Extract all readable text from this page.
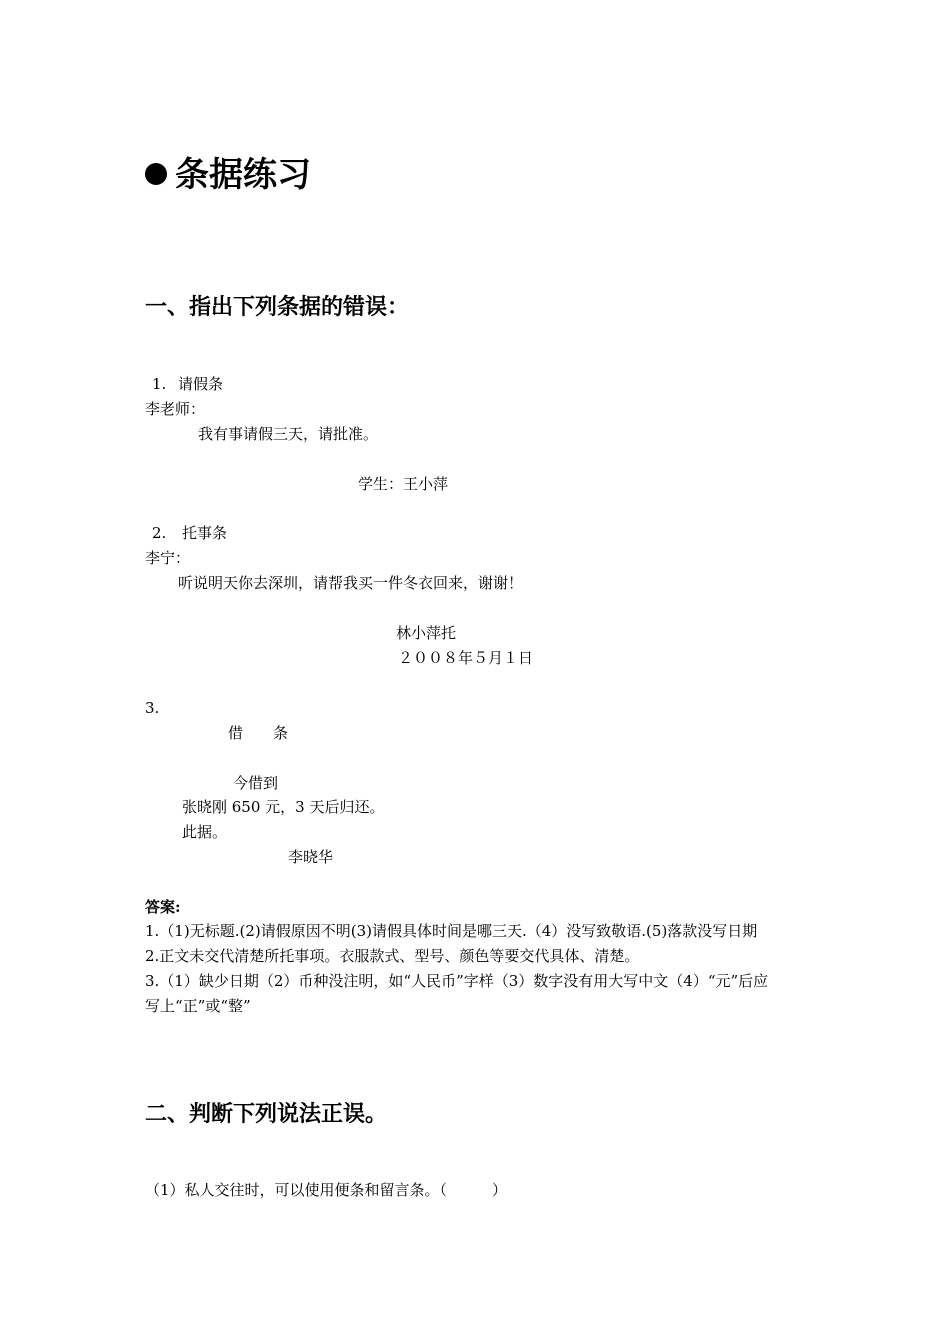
条据练习
一、指出下列条据的错误：
1. 请假条
李老师：
我有事请假三天，请批准。
学生：王小萍
2. 托事条
李宁：
听说明天你去深圳，请帮我买一件冬衣回来，谢谢！
林小萍托
２００８年５月１日
3.
借　　条
今借到
张晓刚 650 元，3 天后归还。
此据。
李晓华
答案:
1.（1)无标题.(2)请假原因不明(3)请假具体时间是哪三天.（4）没写致敬语.(5)落款没写日期
2.正文未交代清楚所托事项。衣服款式、型号、颜色等要交代具体、清楚。
3.（1）缺少日期（2）币种没注明，如“人民币”字样（3）数字没有用大写中文（4）“元”后应
写上“正”或“整”
二、判断下列说法正误。
（1）私人交往时，可以使用便条和留言条。（　　　）
